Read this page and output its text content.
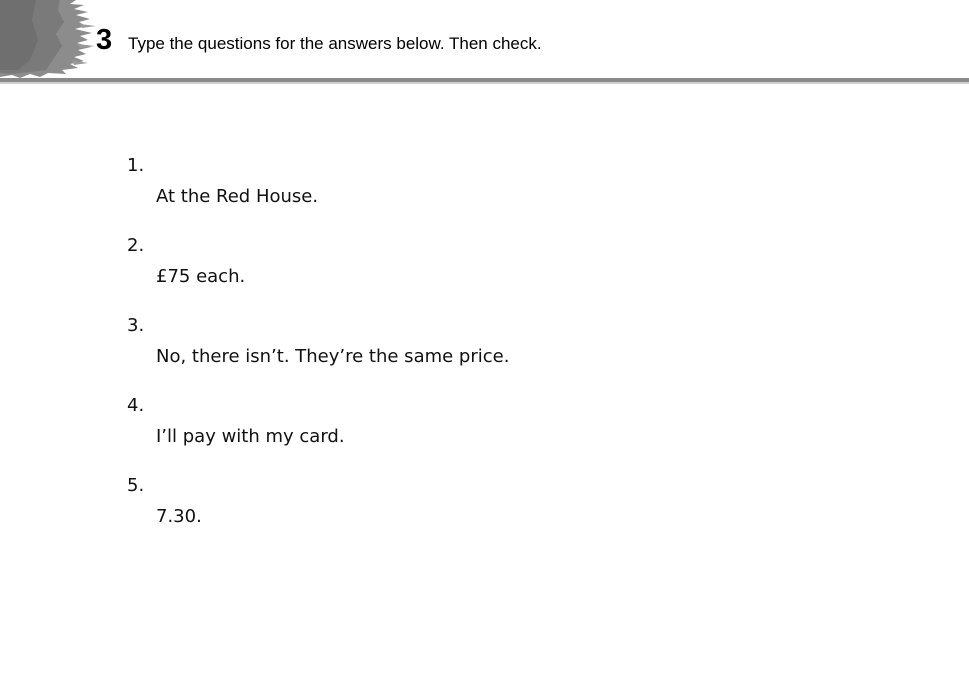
3 Type the questions for the answers below. Then check.
1.
At the Red House.
2.
£75 each.
3.
No, there isn’t. They’re the same price.
4.
I’ll pay with my card.
5.
7.30.
